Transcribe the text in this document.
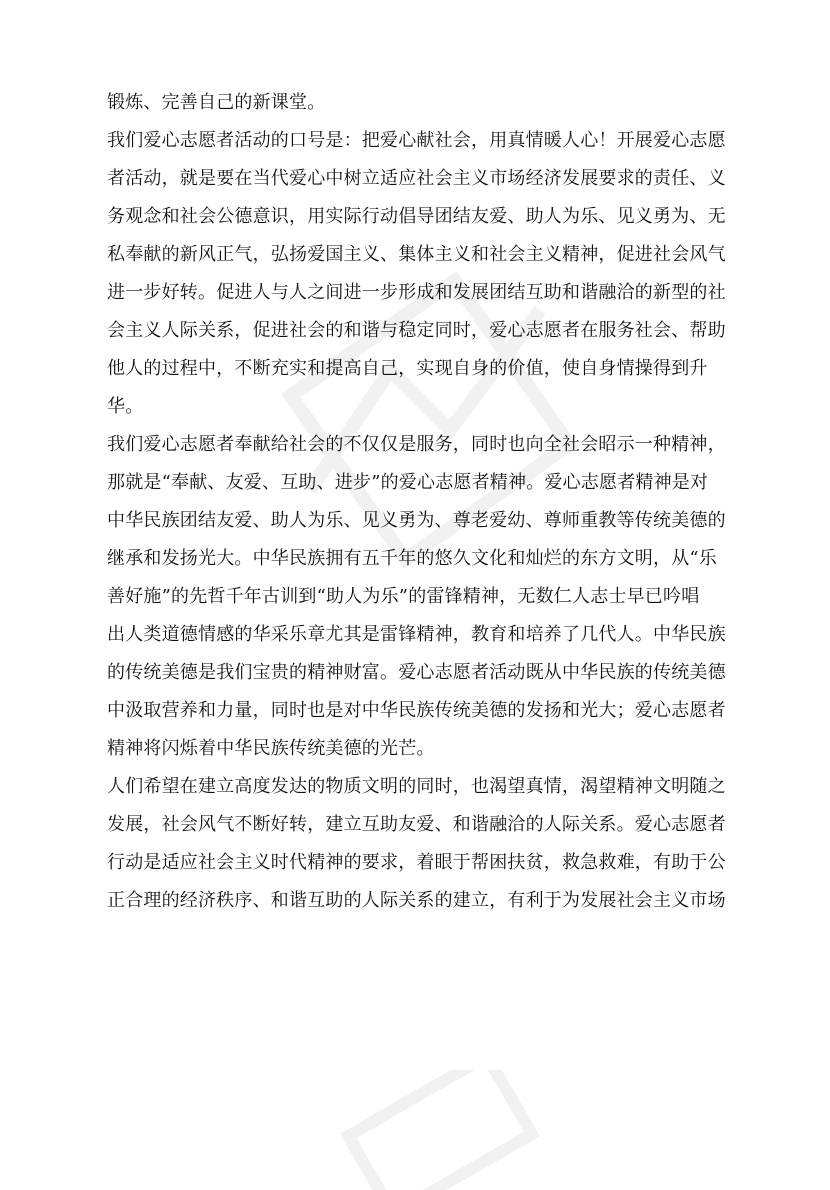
锻炼、完善自己的新课堂。
我们爱心志愿者活动的口号是：把爱心献社会，用真情暖人心！开展爱心志愿
者活动，就是要在当代爱心中树立适应社会主义市场经济发展要求的责任、义
务观念和社会公德意识，用实际行动倡导团结友爱、助人为乐、见义勇为、无
私奉献的新风正气，弘扬爱国主义、集体主义和社会主义精神，促进社会风气
进一步好转。促进人与人之间进一步形成和发展团结互助和谐融洽的新型的社
会主义人际关系，促进社会的和谐与稳定同时，爱心志愿者在服务社会、帮助
他人的过程中，不断充实和提高自己，实现自身的价值，使自身情操得到升
华。
我们爱心志愿者奉献给社会的不仅仅是服务，同时也向全社会昭示一种精神，
那就是“奉献、友爱、互助、进步”的爱心志愿者精神。爱心志愿者精神是对
中华民族团结友爱、助人为乐、见义勇为、尊老爱幼、尊师重教等传统美德的
继承和发扬光大。中华民族拥有五千年的悠久文化和灿烂的东方文明，从“乐
善好施”的先哲千年古训到“助人为乐”的雷锋精神，无数仁人志士早已吟唱
出人类道德情感的华采乐章尤其是雷锋精神，教育和培养了几代人。中华民族
的传统美德是我们宝贵的精神财富。爱心志愿者活动既从中华民族的传统美德
中汲取营养和力量，同时也是对中华民族传统美德的发扬和光大；爱心志愿者
精神将闪烁着中华民族传统美德的光芒。
人们希望在建立高度发达的物质文明的同时，也渴望真情，渴望精神文明随之
发展，社会风气不断好转，建立互助友爱、和谐融洽的人际关系。爱心志愿者
行动是适应社会主义时代精神的要求，着眼于帮困扶贫，救急救难，有助于公
正合理的经济秩序、和谐互助的人际关系的建立，有利于为发展社会主义市场
